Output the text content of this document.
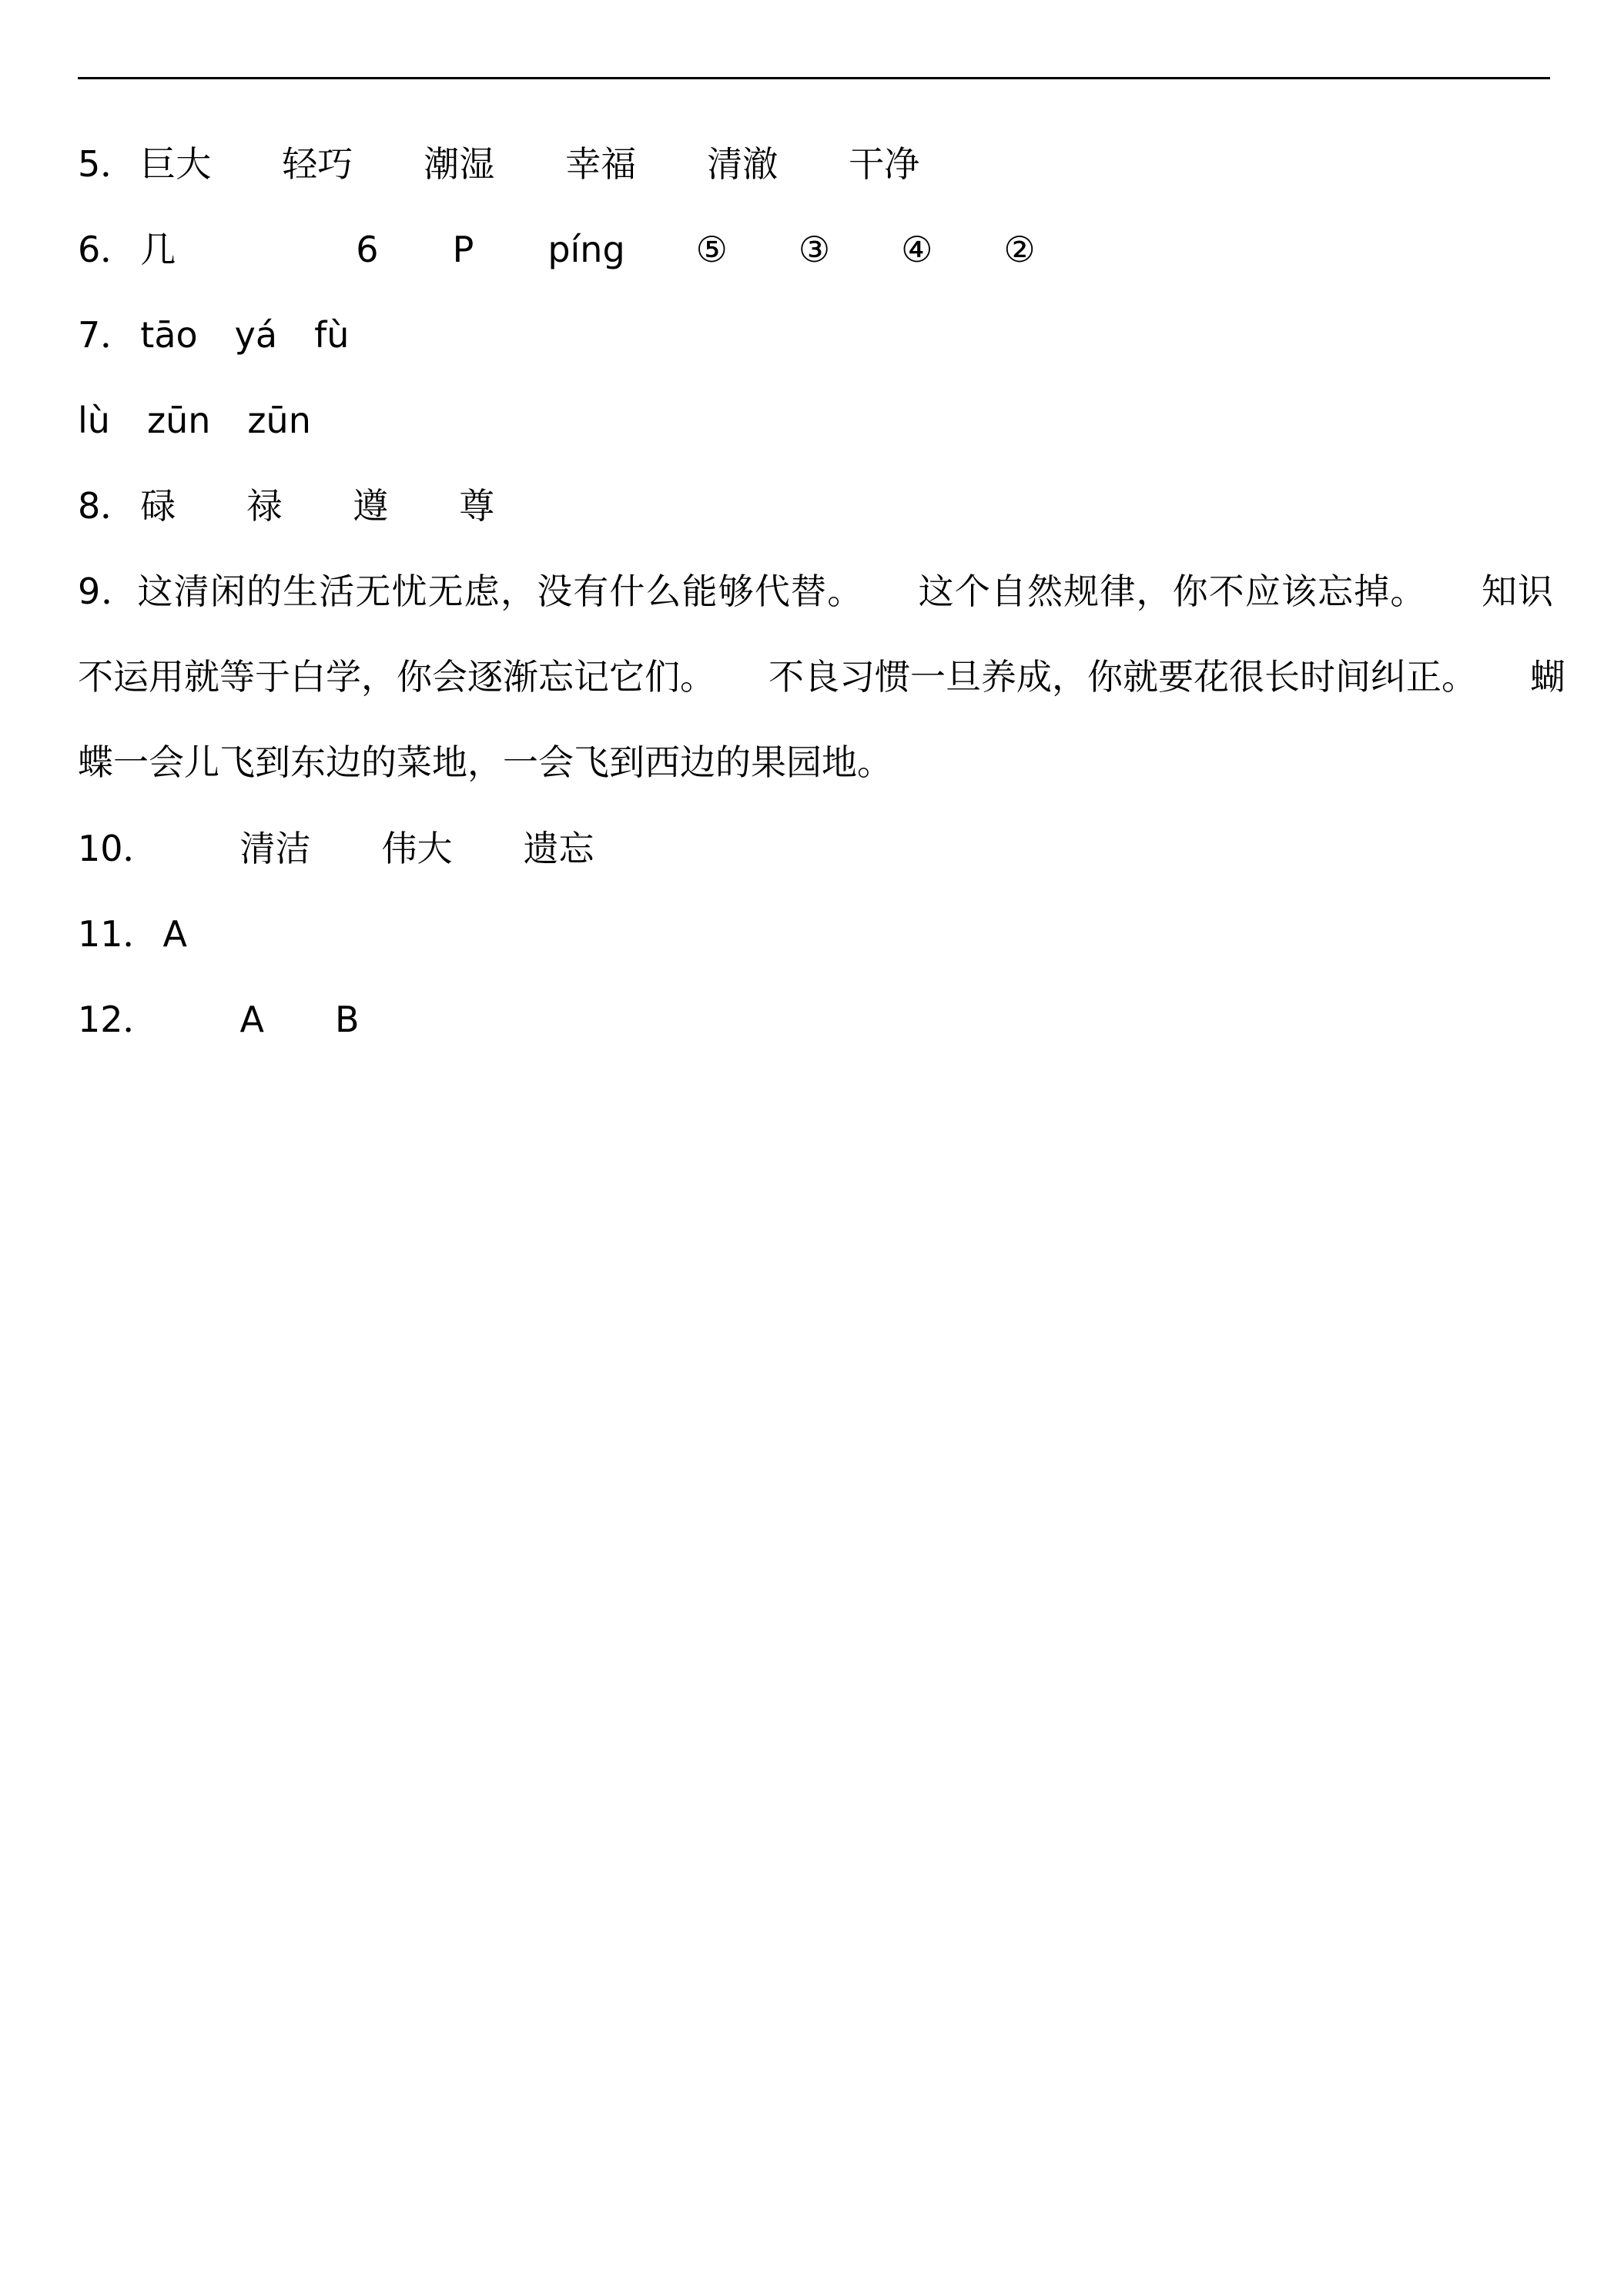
5． 巨大 轻巧 潮湿 幸福 清澈 干净
6． 几	6 P píng ⑤ ③ ④ ②
7． tāo yá fù
lù zūn zūn
8． 碌 禄 遵 尊
9．这清闲的生活无忧无虑，没有什么能够代替。　　这个自然规律，你不应该忘掉。　　知识
不运用就等于白学，你会逐渐忘记它们。　　不良习惯一旦养成，你就要花很长时间纠正。　　蝴
蝶一会儿飞到东边的菜地，一会飞到西边的果园地。
10． 清洁 伟大 遗忘
11． A
12． A B
